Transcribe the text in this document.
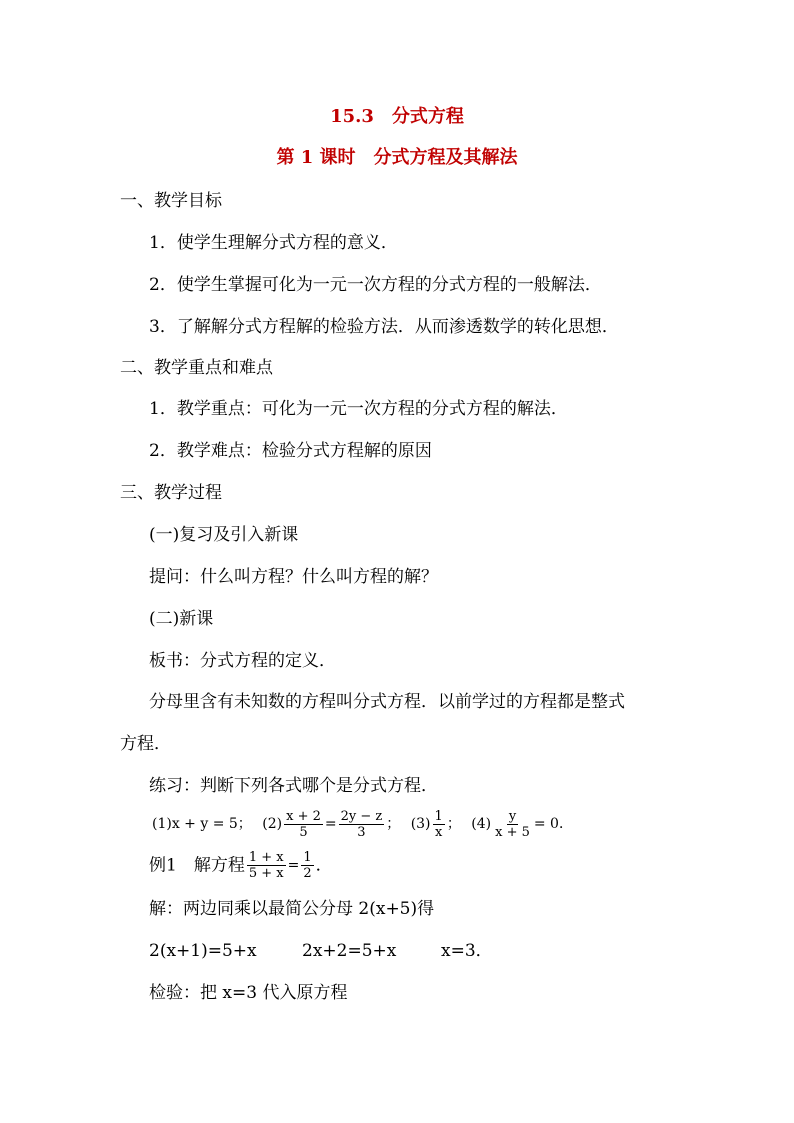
15.3　分式方程
第 1 课时　分式方程及其解法
一、教学目标
1．使学生理解分式方程的意义．
2．使学生掌握可化为一元一次方程的分式方程的一般解法．
3．了解解分式方程解的检验方法．从而渗透数学的转化思想．
二、教学重点和难点
1．教学重点：可化为一元一次方程的分式方程的解法．
2．教学难点：检验分式方程解的原因
三、教学过程
(一)复习及引入新课
提问：什么叫方程？什么叫方程的解？
(二)新课
板书：分式方程的定义．
分母里含有未知数的方程叫分式方程．以前学过的方程都是整式
方程．
练习：判断下列各式哪个是分式方程．
(1)x + y = 5； $(2) \frac{x + 2}{5} = \frac{2y - z}{3}$ ； $(3) \frac{1}{x}$ ； $(4) \frac{y}{x + 5} = 0$．
例1　解方程 $\frac{1 + x}{5 + x} = \frac{1}{2}$ ．
解：两边同乘以最简公分母 2(x+5)得
2(x+1)=5+x	2x+2=5+x	x=3．
检验：把 x=3 代入原方程
